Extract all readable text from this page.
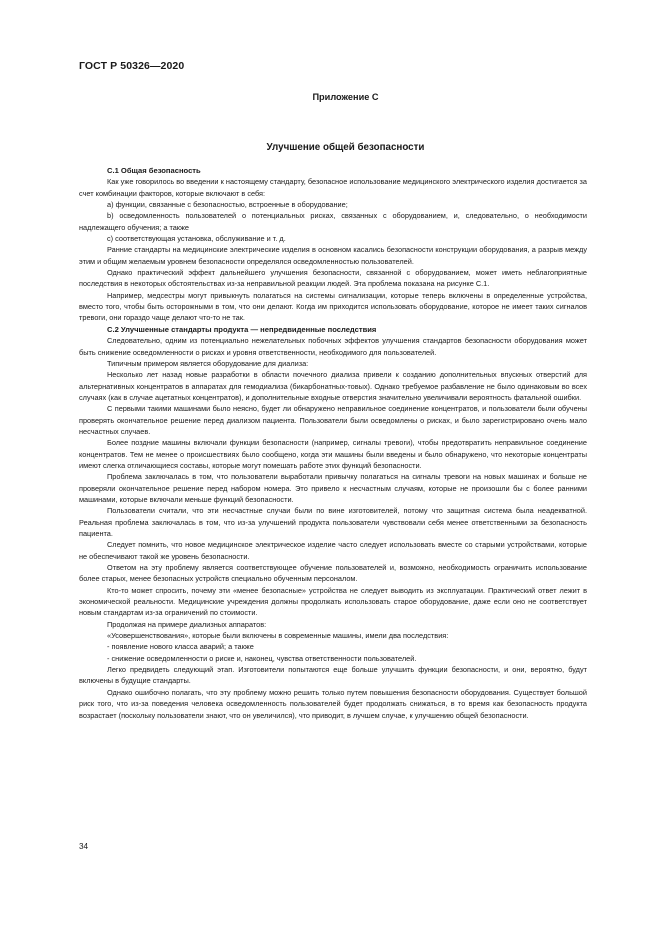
ГОСТ Р 50326—2020
Приложение С
Улучшение общей безопасности
С.1 Общая безопасность

Как уже говорилось во введении к настоящему стандарту, безопасное использование медицинского электрического изделия достигается за счет комбинации факторов, которые включают в себя:

а) функции, связанные с безопасностью, встроенные в оборудование;

b) осведомленность пользователей о потенциальных рисках, связанных с оборудованием, и, следовательно, о необходимости надлежащего обучения; а также

с) соответствующая установка, обслуживание и т. д.

Ранние стандарты на медицинские электрические изделия в основном касались безопасности конструкции оборудования, а разрыв между этим и общим желаемым уровнем безопасности определялся осведомленностью пользователей.

Однако практический эффект дальнейшего улучшения безопасности, связанной с оборудованием, может иметь неблагоприятные последствия в некоторых обстоятельствах из-за неправильной реакции людей. Эта проблема показана на рисунке С.1.

Например, медсестры могут привыкнуть полагаться на системы сигнализации, которые теперь включены в определенные устройства, вместо того, чтобы быть осторожными в том, что они делают. Когда им приходится использовать оборудование, которое не имеет таких сигналов тревоги, они гораздо чаще делают что-то не так.

С.2 Улучшенные стандарты продукта — непредвиденные последствия

Следовательно, одним из потенциально нежелательных побочных эффектов улучшения стандартов безопасности оборудования может быть снижение осведомленности о рисках и уровня ответственности, необходимого для пользователей.

Типичным примером является оборудование для диализа:

Несколько лет назад новые разработки в области почечного диализа привели к созданию дополнительных впускных отверстий для альтернативных концентратов в аппаратах для гемодиализа (бикарбонатных-товых). Однако требуемое разбавление не было одинаковым во всех случаях (как в случае ацетатных концентратов), и дополнительные входные отверстия значительно увеличивали вероятность фатальной ошибки.

С первыми такими машинами было неясно, будет ли обнаружено неправильное соединение концентратов, и пользователи были обучены проверять окончательное решение перед диализом пациента. Пользователи были осведомлены о рисках, и было зарегистрировано очень мало несчастных случаев.

Более поздние машины включали функции безопасности (например, сигналы тревоги), чтобы предотвратить неправильное соединение концентратов. Тем не менее о происшествиях было сообщено, когда эти машины были введены и было обнаружено, что некоторые концентраты имеют слегка отличающиеся составы, которые могут помешать работе этих функций безопасности.

Проблема заключалась в том, что пользователи выработали привычку полагаться на сигналы тревоги на новых машинах и больше не проверяли окончательное решение перед набором номера. Это привело к несчастным случаям, которые не произошли бы с более ранними машинами, которые включали меньше функций безопасности.

Пользователи считали, что эти несчастные случаи были по вине изготовителей, потому что защитная система была неадекватной. Реальная проблема заключалась в том, что из-за улучшений продукта пользователи чувствовали себя менее ответственными за безопасность пациента.

Следует помнить, что новое медицинское электрическое изделие часто следует использовать вместе со старыми устройствами, которые не обеспечивают такой же уровень безопасности.

Ответом на эту проблему является соответствующее обучение пользователей и, возможно, необходимость ограничить использование более старых, менее безопасных устройств специально обученным персоналом.

Кто-то может спросить, почему эти «менее безопасные» устройства не следует выводить из эксплуатации. Практический ответ лежит в экономической реальности. Медицинские учреждения должны продолжать использовать старое оборудование, даже если оно не соответствует новым стандартам из-за ограничений по стоимости.

Продолжая на примере диализных аппаратов:

«Усовершенствования», которые были включены в современные машины, имели два последствия:

- появление нового класса аварий; а также

- снижение осведомленности о риске и, наконец, чувства ответственности пользователей.

Легко предвидеть следующий этап. Изготовители попытаются еще больше улучшить функции безопасности, и они, вероятно, будут включены в будущие стандарты.

Однако ошибочно полагать, что эту проблему можно решить только путем повышения безопасности оборудования. Существует большой риск того, что из-за поведения человека осведомленность пользователей будет продолжать снижаться, в то время как безопасность продукта возрастает (поскольку пользователи знают, что он увеличился), что приводит, в лучшем случае, к улучшению общей безопасности.

34
